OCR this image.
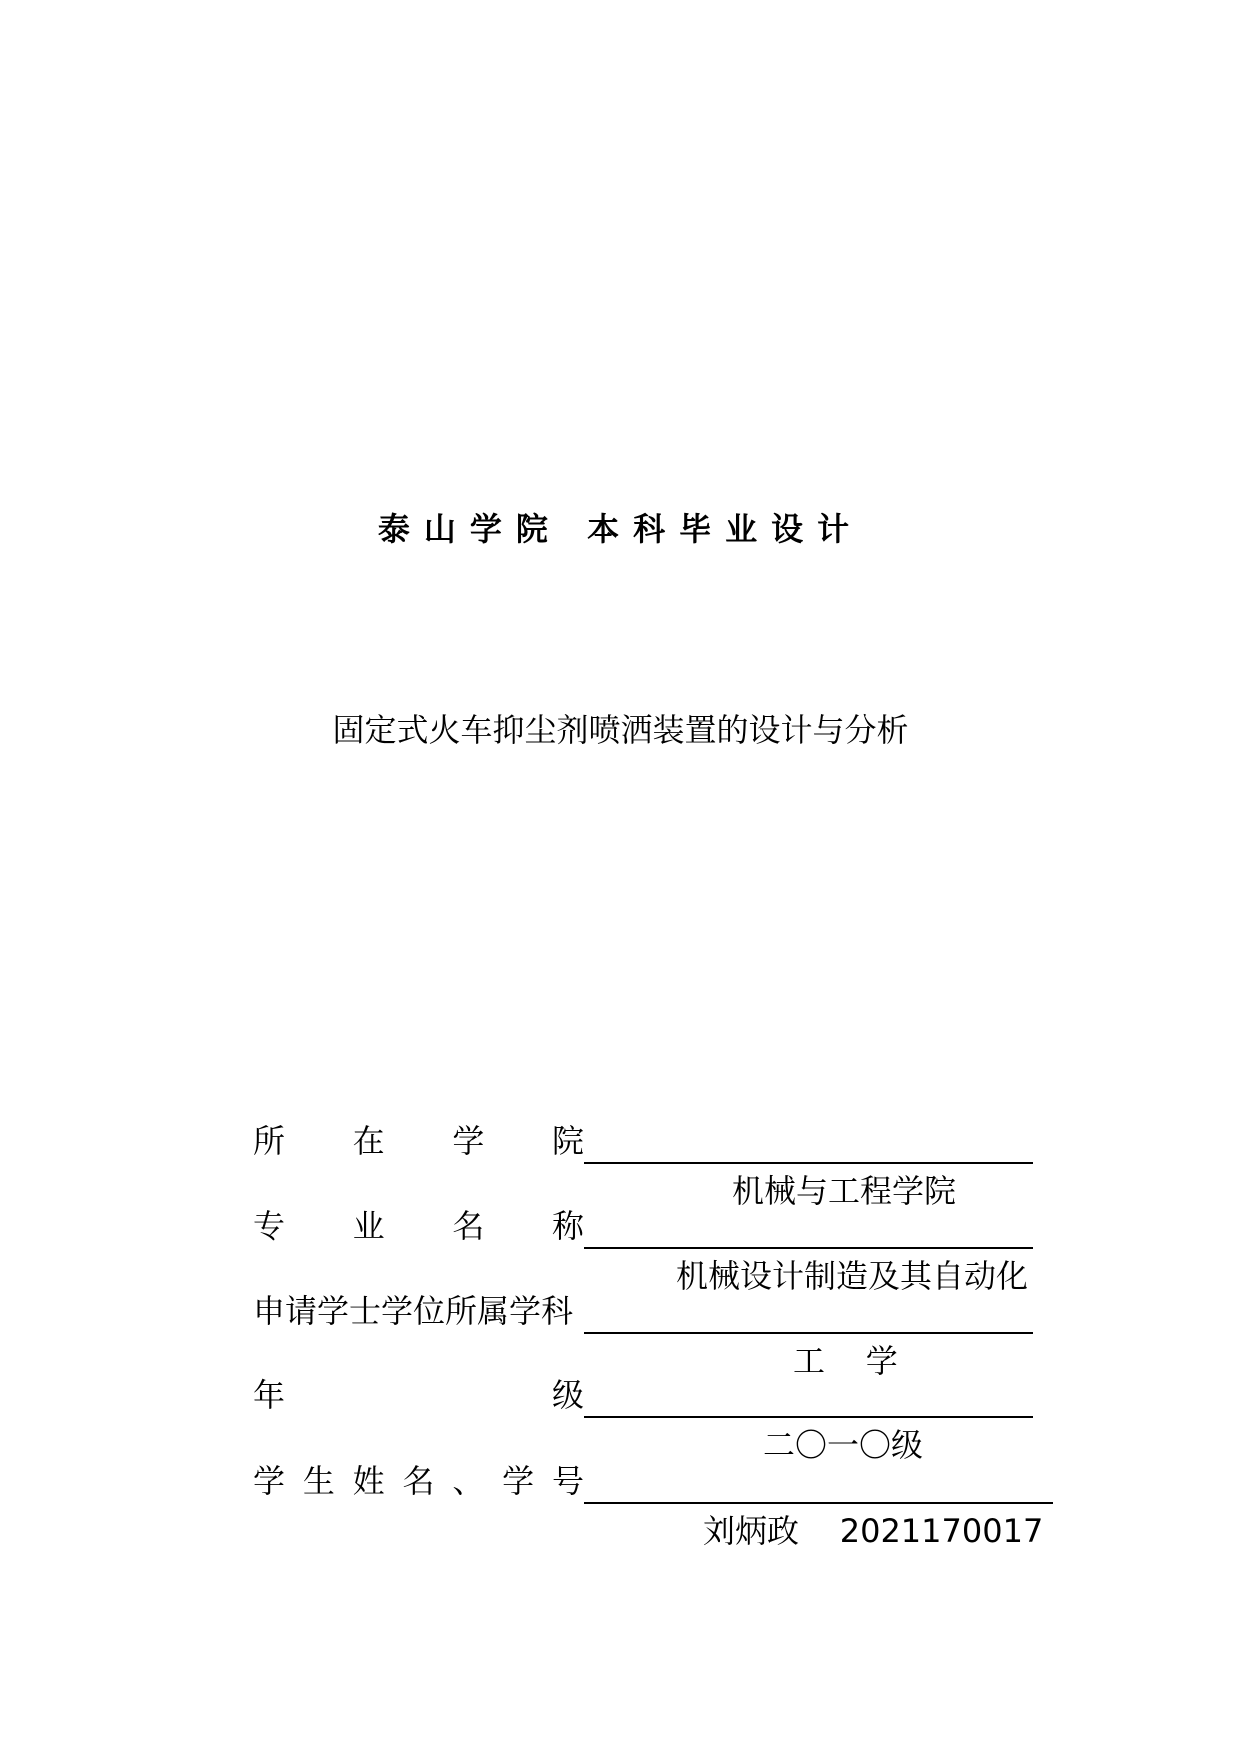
泰山学院 本科毕业设计
固定式火车抑尘剂喷洒装置的设计与分析
所 在 学 院

机械与工程学院

专 业 名 称

机械设计制造及其自动化

申请学士学位所属学科

工    学

年	级

二〇一〇级

学 生 姓 名 、 学 号

刘炳政    2021170017
